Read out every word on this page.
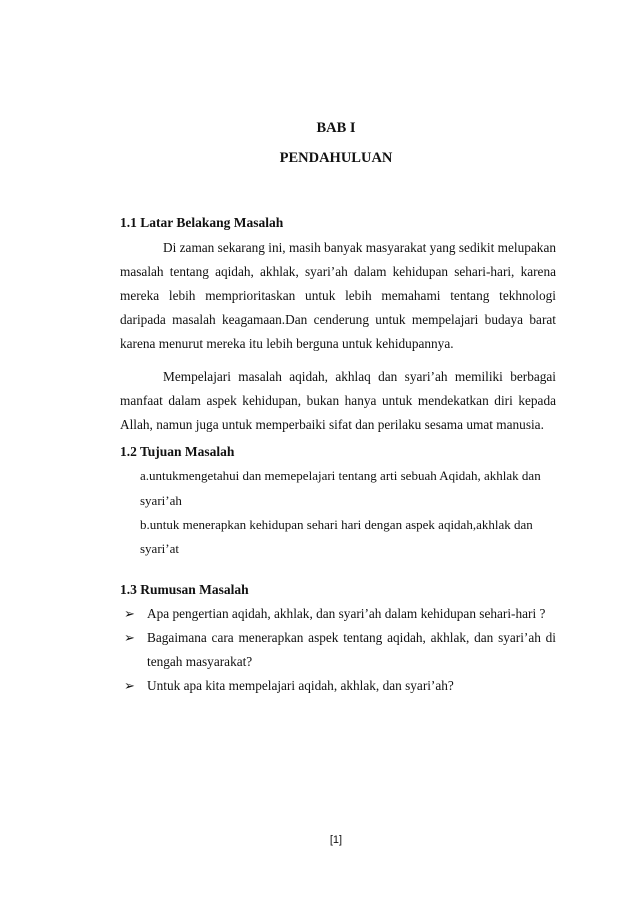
BAB I
PENDAHULUAN
1.1 Latar Belakang Masalah
Di zaman sekarang ini, masih banyak masyarakat yang sedikit melupakan
masalah tentang aqidah, akhlak, syari’ah dalam kehidupan sehari-hari, karena
mereka lebih memprioritaskan untuk lebih memahami tentang tekhnologi
daripada masalah keagamaan.Dan cenderung untuk mempelajari budaya barat
karena menurut mereka itu lebih berguna untuk kehidupannya.
Mempelajari masalah aqidah, akhlaq dan syari’ah memiliki berbagai
manfaat dalam aspek kehidupan, bukan hanya untuk mendekatkan diri kepada
Allah, namun juga untuk memperbaiki sifat dan perilaku sesama umat manusia.
1.2 Tujuan Masalah
a.untukmengetahui dan memepelajari tentang arti sebuah Aqidah, akhlak dan
syari’ah
b.untuk menerapkan kehidupan sehari hari dengan aspek aqidah,akhlak dan
syari’at
1.3 Rumusan Masalah
➢ Apa pengertian aqidah, akhlak, dan syari’ah dalam kehidupan sehari-hari ?
➢ Bagaimana cara menerapkan aspek tentang aqidah, akhlak, dan syari’ah di
tengah masyarakat?
➢ Untuk apa kita mempelajari aqidah, akhlak, dan syari’ah?
[1]
